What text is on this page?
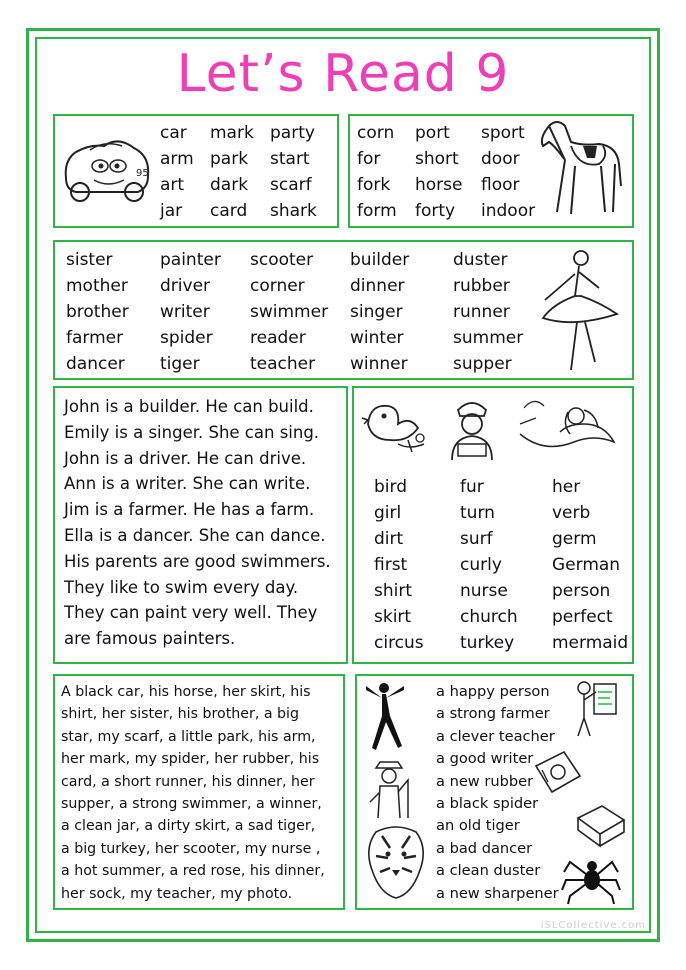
Let’s Read 9
95
car	mark party
arm park	start
art	dark	scarf
jar	card	shark
corn	port	sport
for	short	door
fork	horse	floor
form	forty	indoor
sister	painter	scooter	builder	duster
mother	driver	corner	dinner	rubber
brother	writer	swimmer	singer	runner
farmer	spider	reader	winter	summer
dancer	tiger	teacher	winner	supper
John is a builder. He can build.
Emily is a singer. She can sing.
John is a driver. He can drive.
Ann is a writer. She can write.
Jim is a farmer. He has a farm.
Ella is a dancer. She can dance.
His parents are good swimmers.
They like to swim every day.
They can paint very well. They
are famous painters.
bird	fur	her
girl	turn	verb
dirt	surf	germ
first	curly	German
shirt	nurse	person
skirt	church	perfect
circus	turkey	mermaid
A black car, his horse, her skirt, his
shirt, her sister, his brother, a big
star, my scarf, a little park, his arm,
her mark, my spider, her rubber, his
card, a short runner, his dinner, her
supper, a strong swimmer, a winner,
a clean jar, a dirty skirt, a sad tiger,
a big turkey, her scooter, my nurse ,
a hot summer, a red rose, his dinner,
her sock, my teacher, my photo.
a happy person
a strong farmer
a clever teacher
a good writer
a new rubber
a black spider
an old tiger
a bad dancer
a clean duster
a new sharpener
iSLCollective.com
